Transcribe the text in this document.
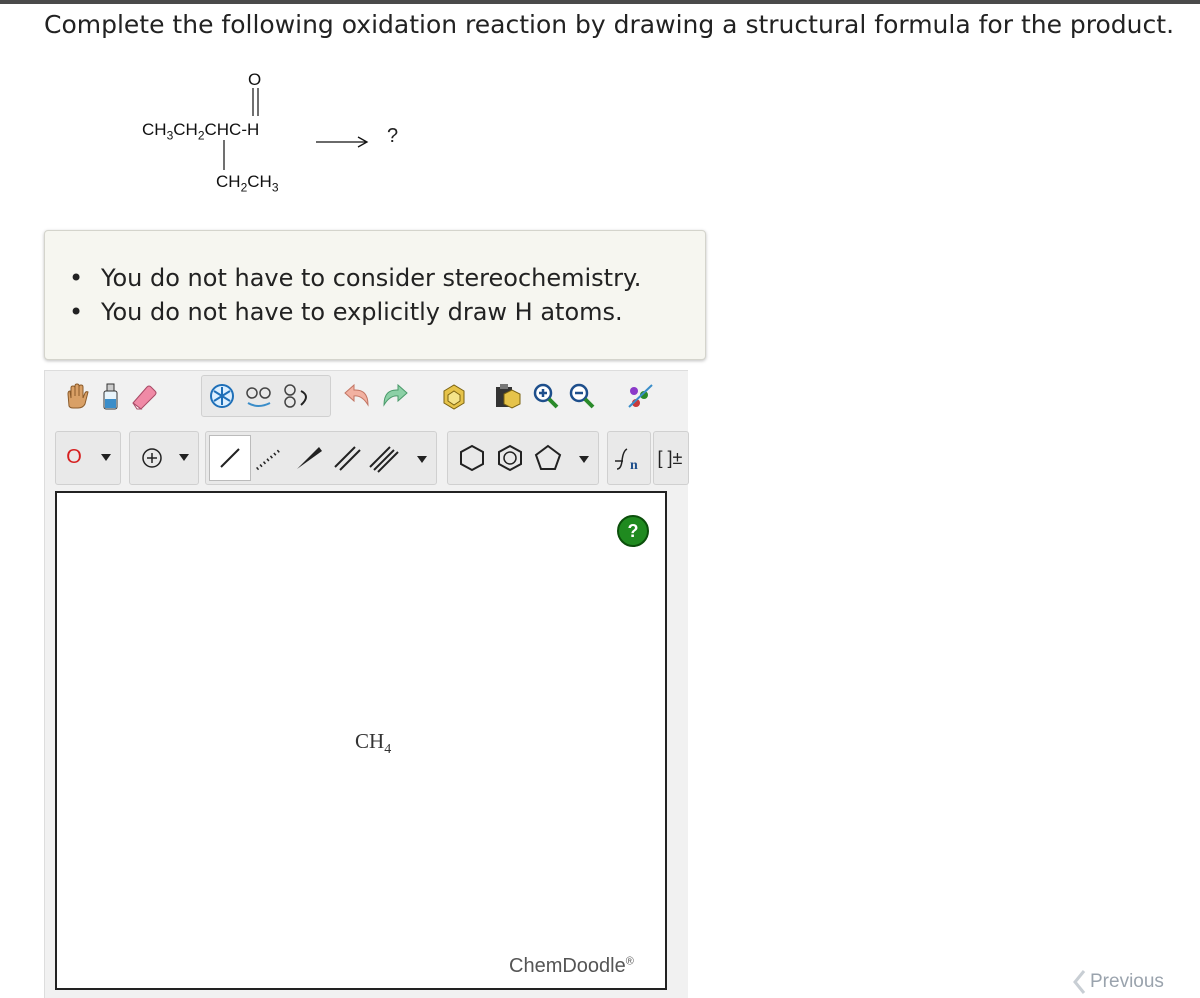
Complete the following oxidation reaction by drawing a structural formula for the product.
O
$CH_3CH_2CHC-H$
$CH_2CH_3$
?
• You do not have to consider stereochemistry.
• You do not have to explicitly draw H atoms.
O	n [ ]±
?
$CH_4$
ChemDoodle®
Previous
